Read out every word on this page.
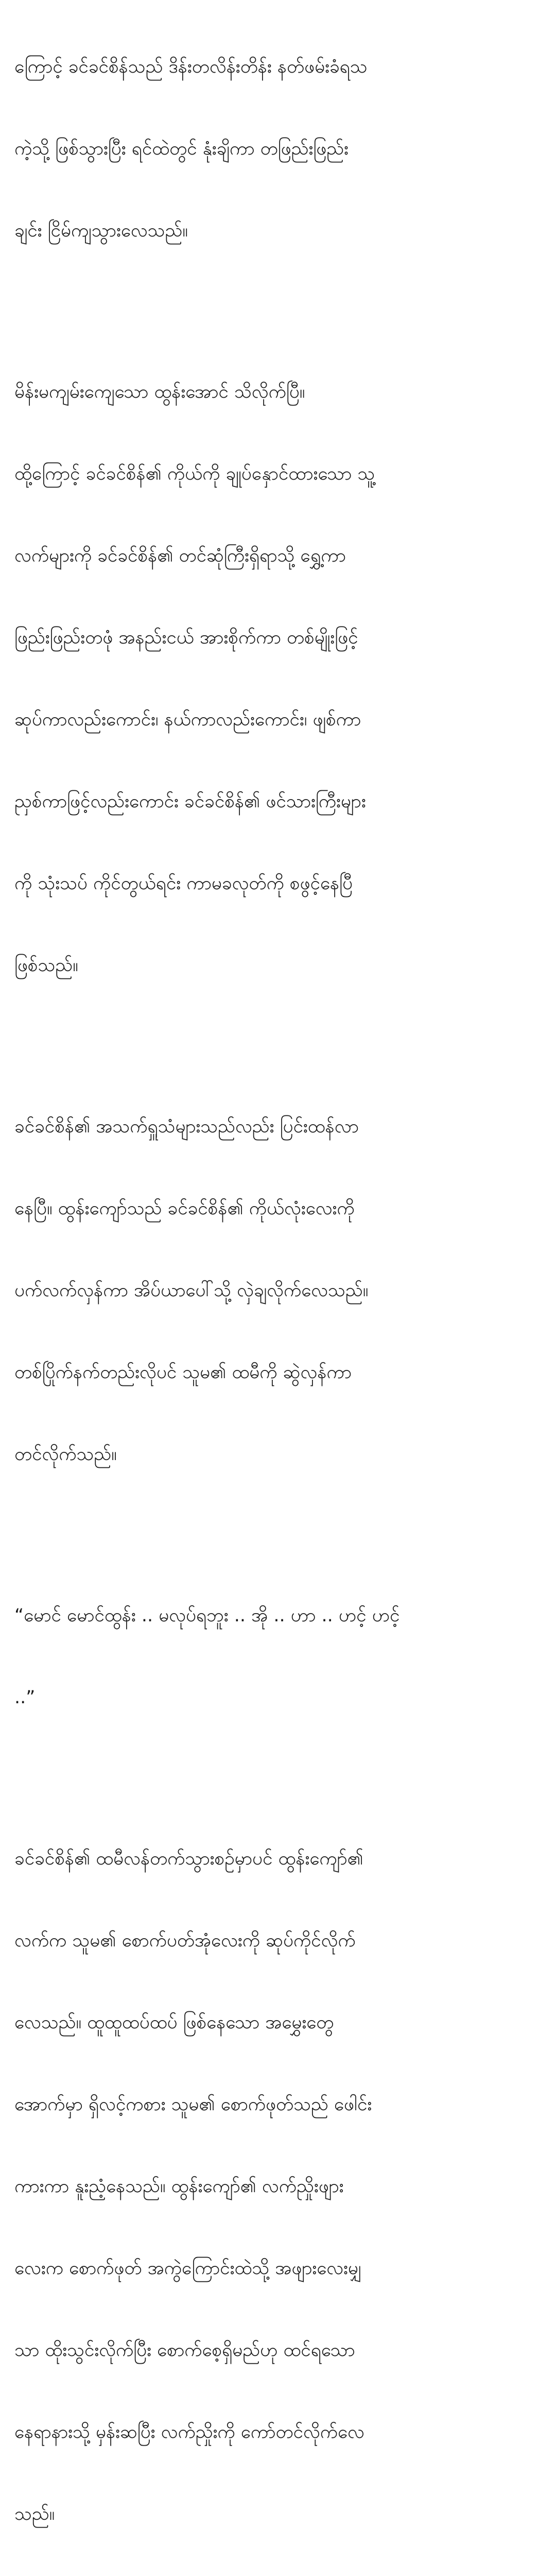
ကြောင့် ခင်ခင်စိန်သည် ဒိန်းတလိန်းတိန်း နတ်ဖမ်းခံရသ

ကဲ့သို့ ဖြစ်သွားပြီး ရင်ထဲတွင် နုံးချိကာ တဖြည်းဖြည်း

ချင်း ငြိမ်ကျသွားလေသည်။

မိန်းမကျမ်းကျေသော ထွန်းအောင် သိလိုက်ပြီ။

ထို့ကြောင့် ခင်ခင်စိန်၏ ကိုယ်ကို ချုပ်နှောင်ထားသော သူ့

လက်များကို ခင်ခင်စိန်၏ တင်ဆုံကြီးရှိရာသို့ ရွှေ့ကာ

ဖြည်းဖြည်းတဖုံ အနည်းငယ် အားစိုက်ကာ တစ်မျိုးဖြင့်

ဆုပ်ကာလည်းကောင်း၊ နယ်ကာလည်းကောင်း၊ ဖျစ်ကာ

ညှစ်ကာဖြင့်လည်းကောင်း ခင်ခင်စိန်၏ ဖင်သားကြီးများ

ကို သုံးသပ် ကိုင်တွယ်ရင်း ကာမခလုတ်ကို စဖွင့်နေပြီ

ဖြစ်သည်။

ခင်ခင်စိန်၏ အသက်ရှူသံများသည်လည်း ပြင်းထန်လာ

နေပြီ။ ထွန်းကျော်သည် ခင်ခင်စိန်၏ ကိုယ်လုံးလေးကို

ပက်လက်လှန်ကာ အိပ်ယာပေါ်သို့ လှဲချလိုက်လေသည်။

တစ်ပြိုက်နက်တည်းလိုပင် သူမ၏ ထမီကို ဆွဲလှန်ကာ

တင်လိုက်သည်။

“မောင် မောင်ထွန်း .. မလုပ်ရဘူး .. အို .. ဟာ .. ဟင့် ဟင့်

..”

ခင်ခင်စိန်၏ ထမီလန်တက်သွားစဉ်မှာပင် ထွန်းကျော်၏

လက်က သူမ၏ စောက်ပတ်အုံလေးကို ဆုပ်ကိုင်လိုက်

လေသည်။ ထူထူထပ်ထပ် ဖြစ်နေသော အမွှေးတွေ

အောက်မှာ ရှိလင့်ကစား သူမ၏ စောက်ဖုတ်သည် ဖေါင်း

ကားကာ နူးညံ့နေသည်။ ထွန်းကျော်၏ လက်ညှိုးဖျား

လေးက စောက်ဖုတ် အကွဲကြောင်းထဲသို့ အဖျားလေးမျှ

သာ ထိုးသွင်းလိုက်ပြီး စောက်စေ့ရှိမည်ဟု ထင်ရသော

နေရာနားသို့ မှန်းဆပြီး လက်ညှိုးကို ကော်တင်လိုက်လေ

သည်။
